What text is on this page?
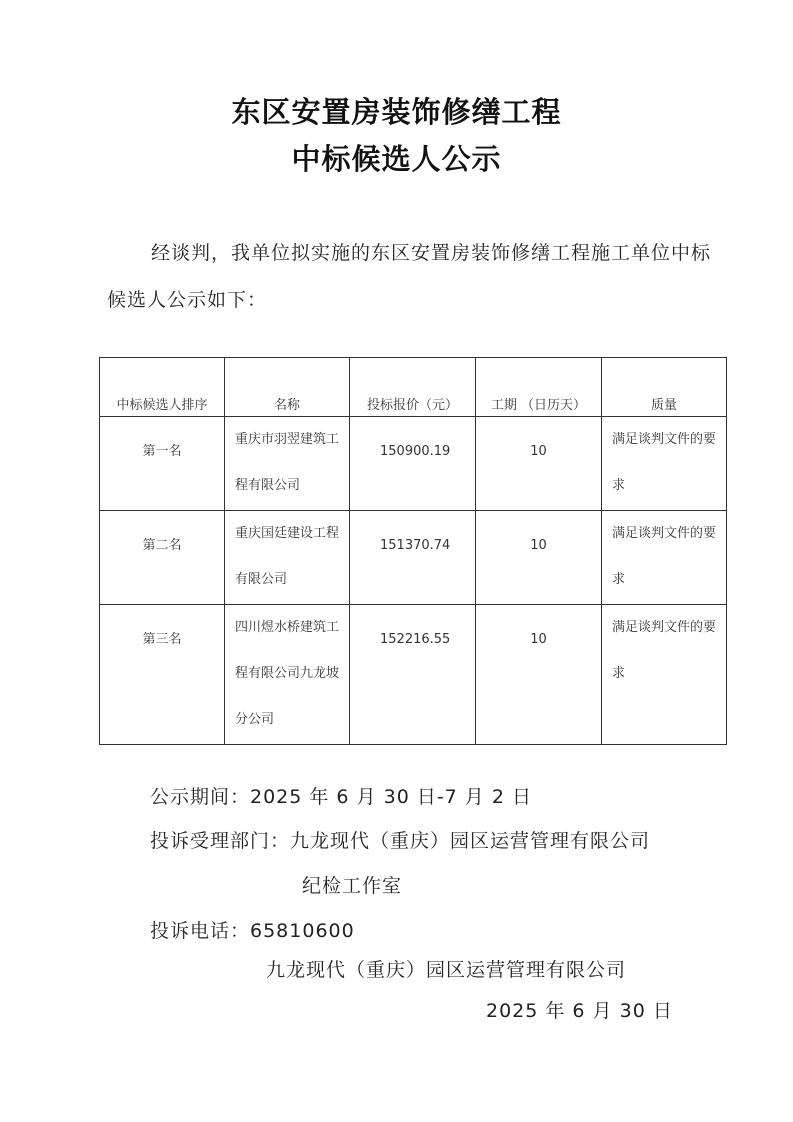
东区安置房装饰修缮工程
中标候选人公示
经谈判，我单位拟实施的东区安置房装饰修缮工程施工单位中标候选人公示如下：
中标候选人排序	名称	投标报价（元）	工期 （日历天）	质量
第一名	重庆市羽翌建筑工程有限公司	150900.19	10	满足谈判文件的要求
第二名	重庆国廷建设工程有限公司	151370.74	10	满足谈判文件的要求
第三名	四川煜水桥建筑工程有限公司九龙坡分公司	152216.55	10	满足谈判文件的要求
公示期间：2025 年 6 月 30 日-7 月 2 日
投诉受理部门：九龙现代（重庆）园区运营管理有限公司
纪检工作室
投诉电话：65810600
九龙现代（重庆）园区运营管理有限公司
2025 年 6 月 30 日
